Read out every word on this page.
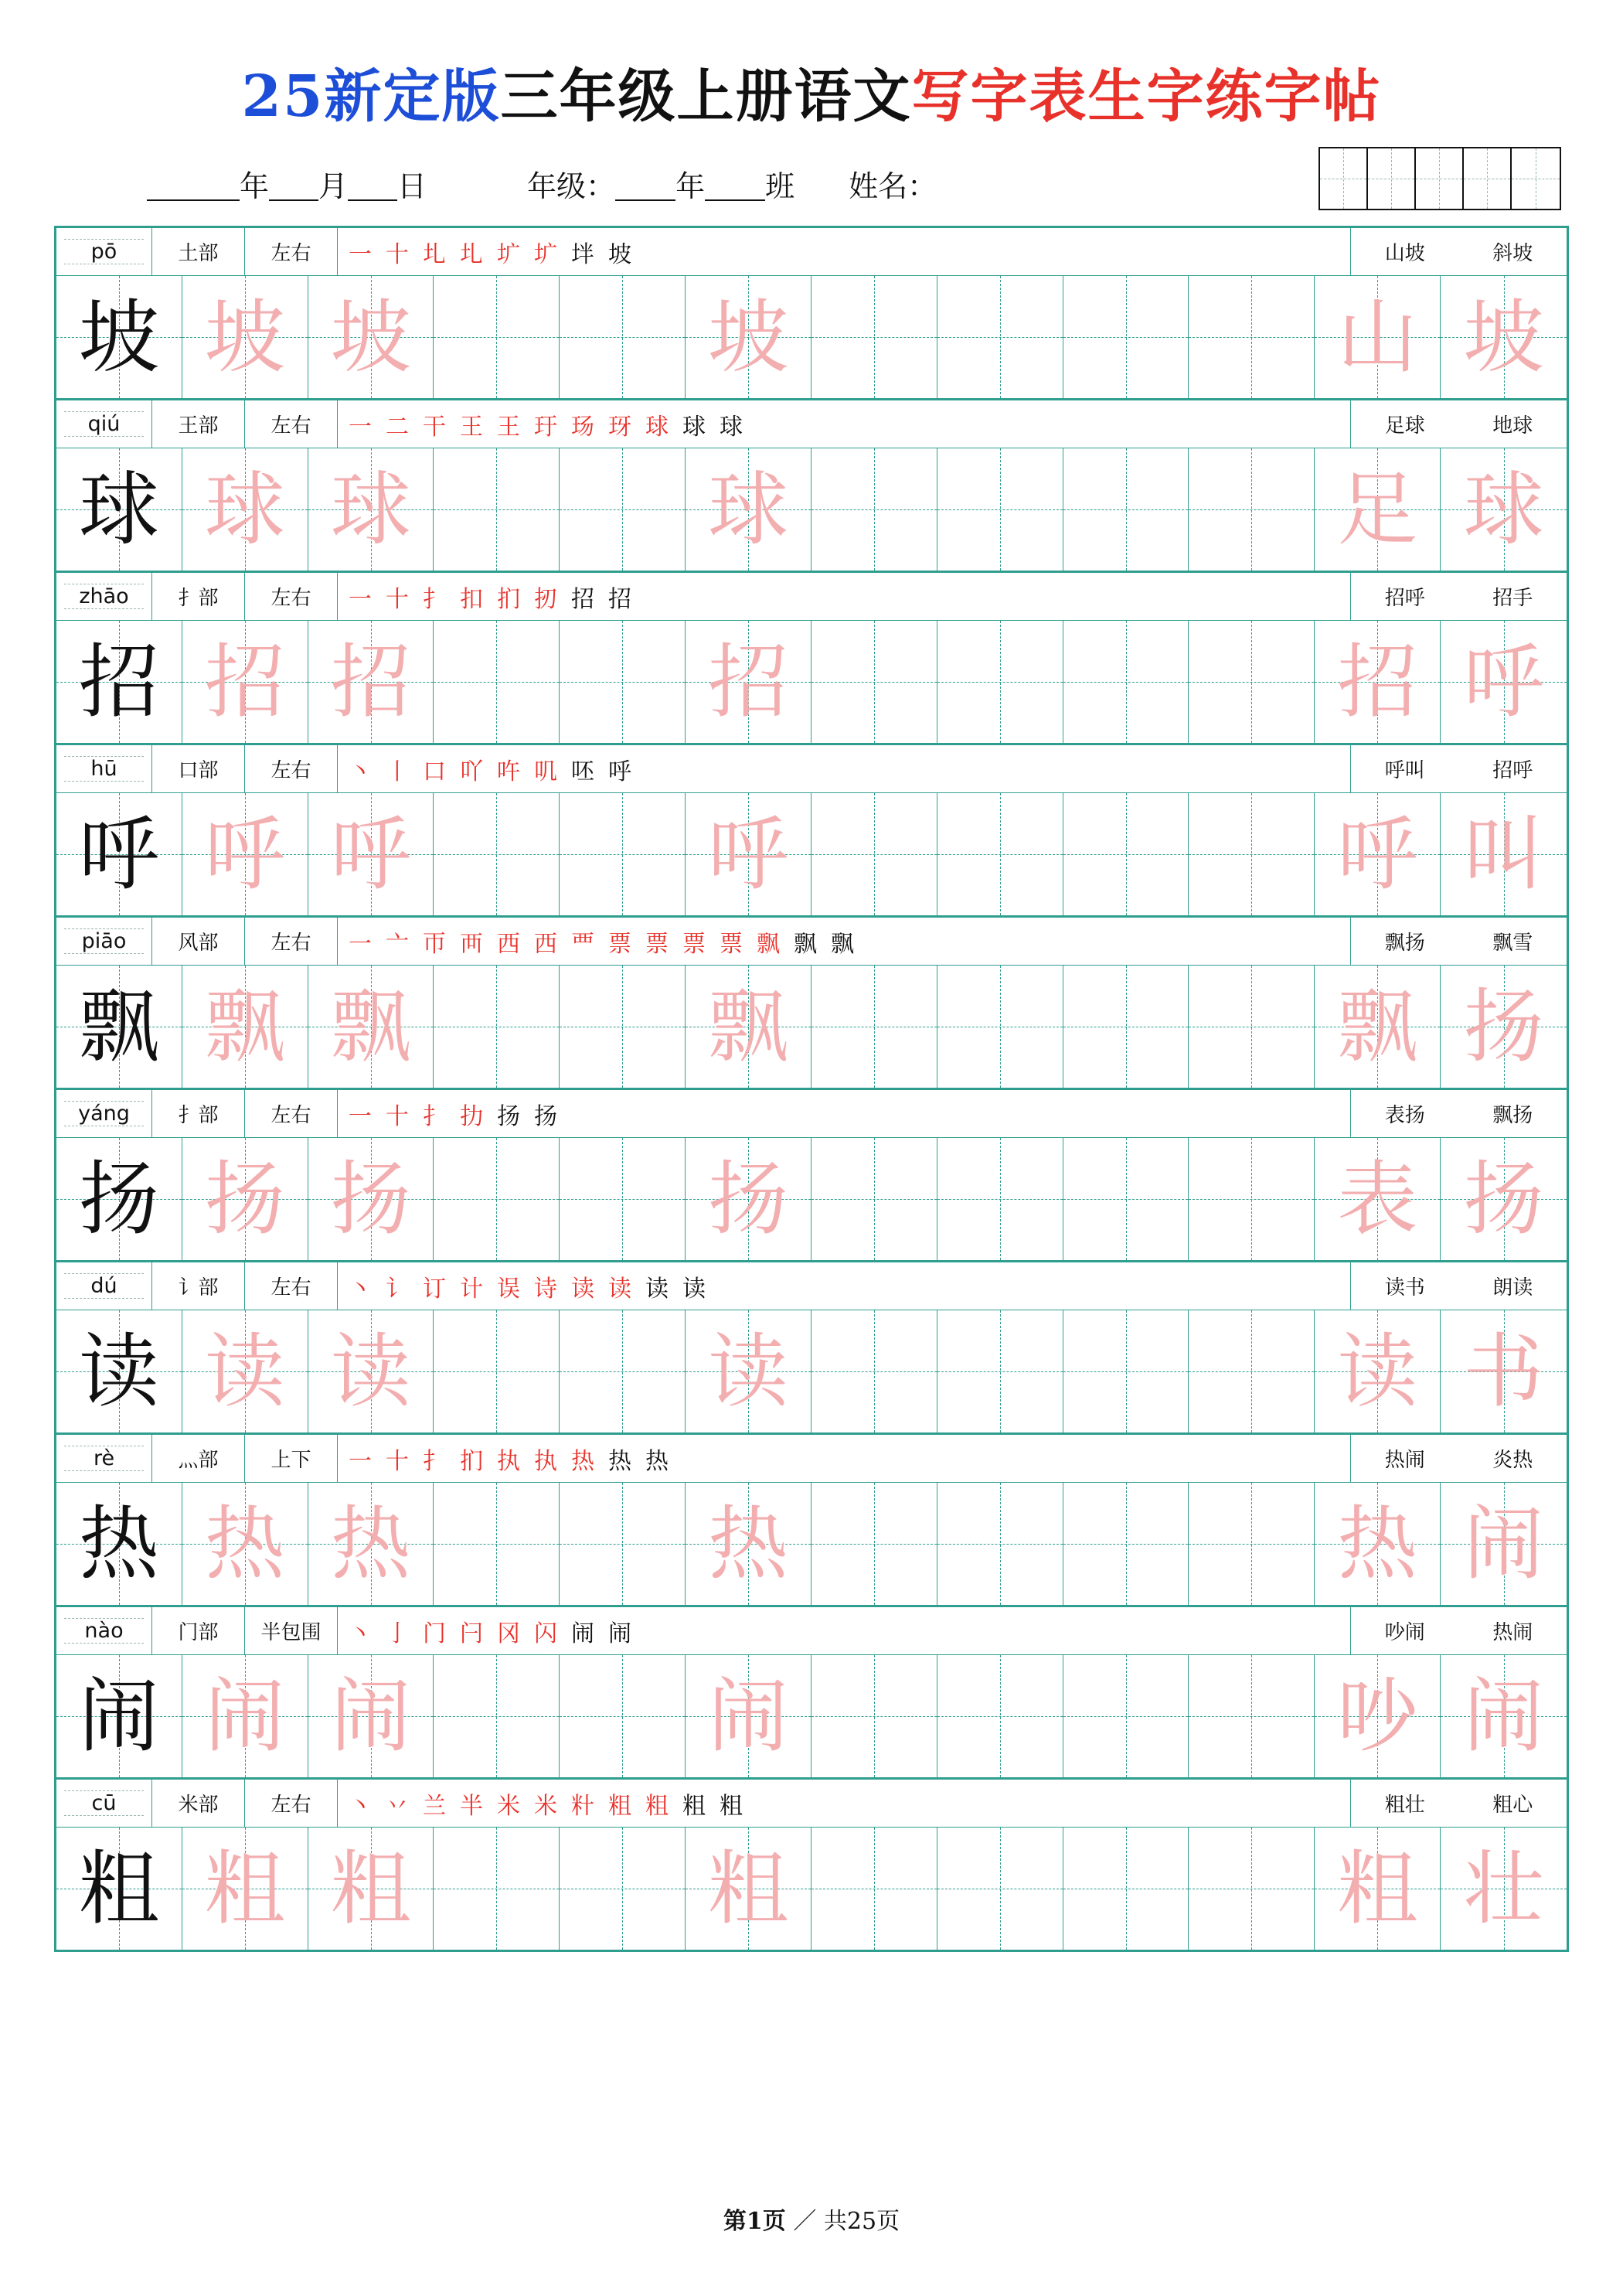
25新定版三年级上册语文写字表生字练字帖
年 月 日	年级： 年 班 姓名：
pō	土部	左右	一 十 圠 圠 圹 圹 坢 坡	山坡	斜坡
坡 坡 坡	坡	山 坡
qiú	王部	左右	一 二 干 王 王 玗 玚 玡 球 球 球	足球	地球
球 球 球	球	足 球
zhāo	扌部	左右	一 十 扌 扣 扪 扨 招 招	招呼	招手
招 招 招	招	招 呼
hū	口部	左右	丶 丨 口 吖 吘 叽 呸 呼	呼叫	招呼
呼 呼 呼	呼	呼 叫
piāo	风部	左右	一 亠 帀 襾 西 西 覀 票 票 票 票 飘 飘 飘	飘扬	飘雪
飘 飘 飘	飘	飘 扬
yáng	扌部	左右	一 十 扌 扐 扬 扬	表扬	飘扬
扬 扬 扬	扬	表 扬
dú	讠部	左右	丶 讠 订 计 误 诗 读 读 读 读	读书	朗读
读 读 读	读	读 书
rè	灬部	上下	一 十 扌 扪 执 执 热 热 热	热闹	炎热
热 热 热	热	热 闹
nào	门部	半包围	丶 亅 门 闩 冈 闪 闹 闹	吵闹	热闹
闹 闹 闹	闹	吵 闹
cū	米部	左右	丶 丷 兰 半 米 米 籵 粗 粗 粗 粗	粗壮	粗心
粗 粗 粗	粗	粗 壮
第1页 ／ 共25页
